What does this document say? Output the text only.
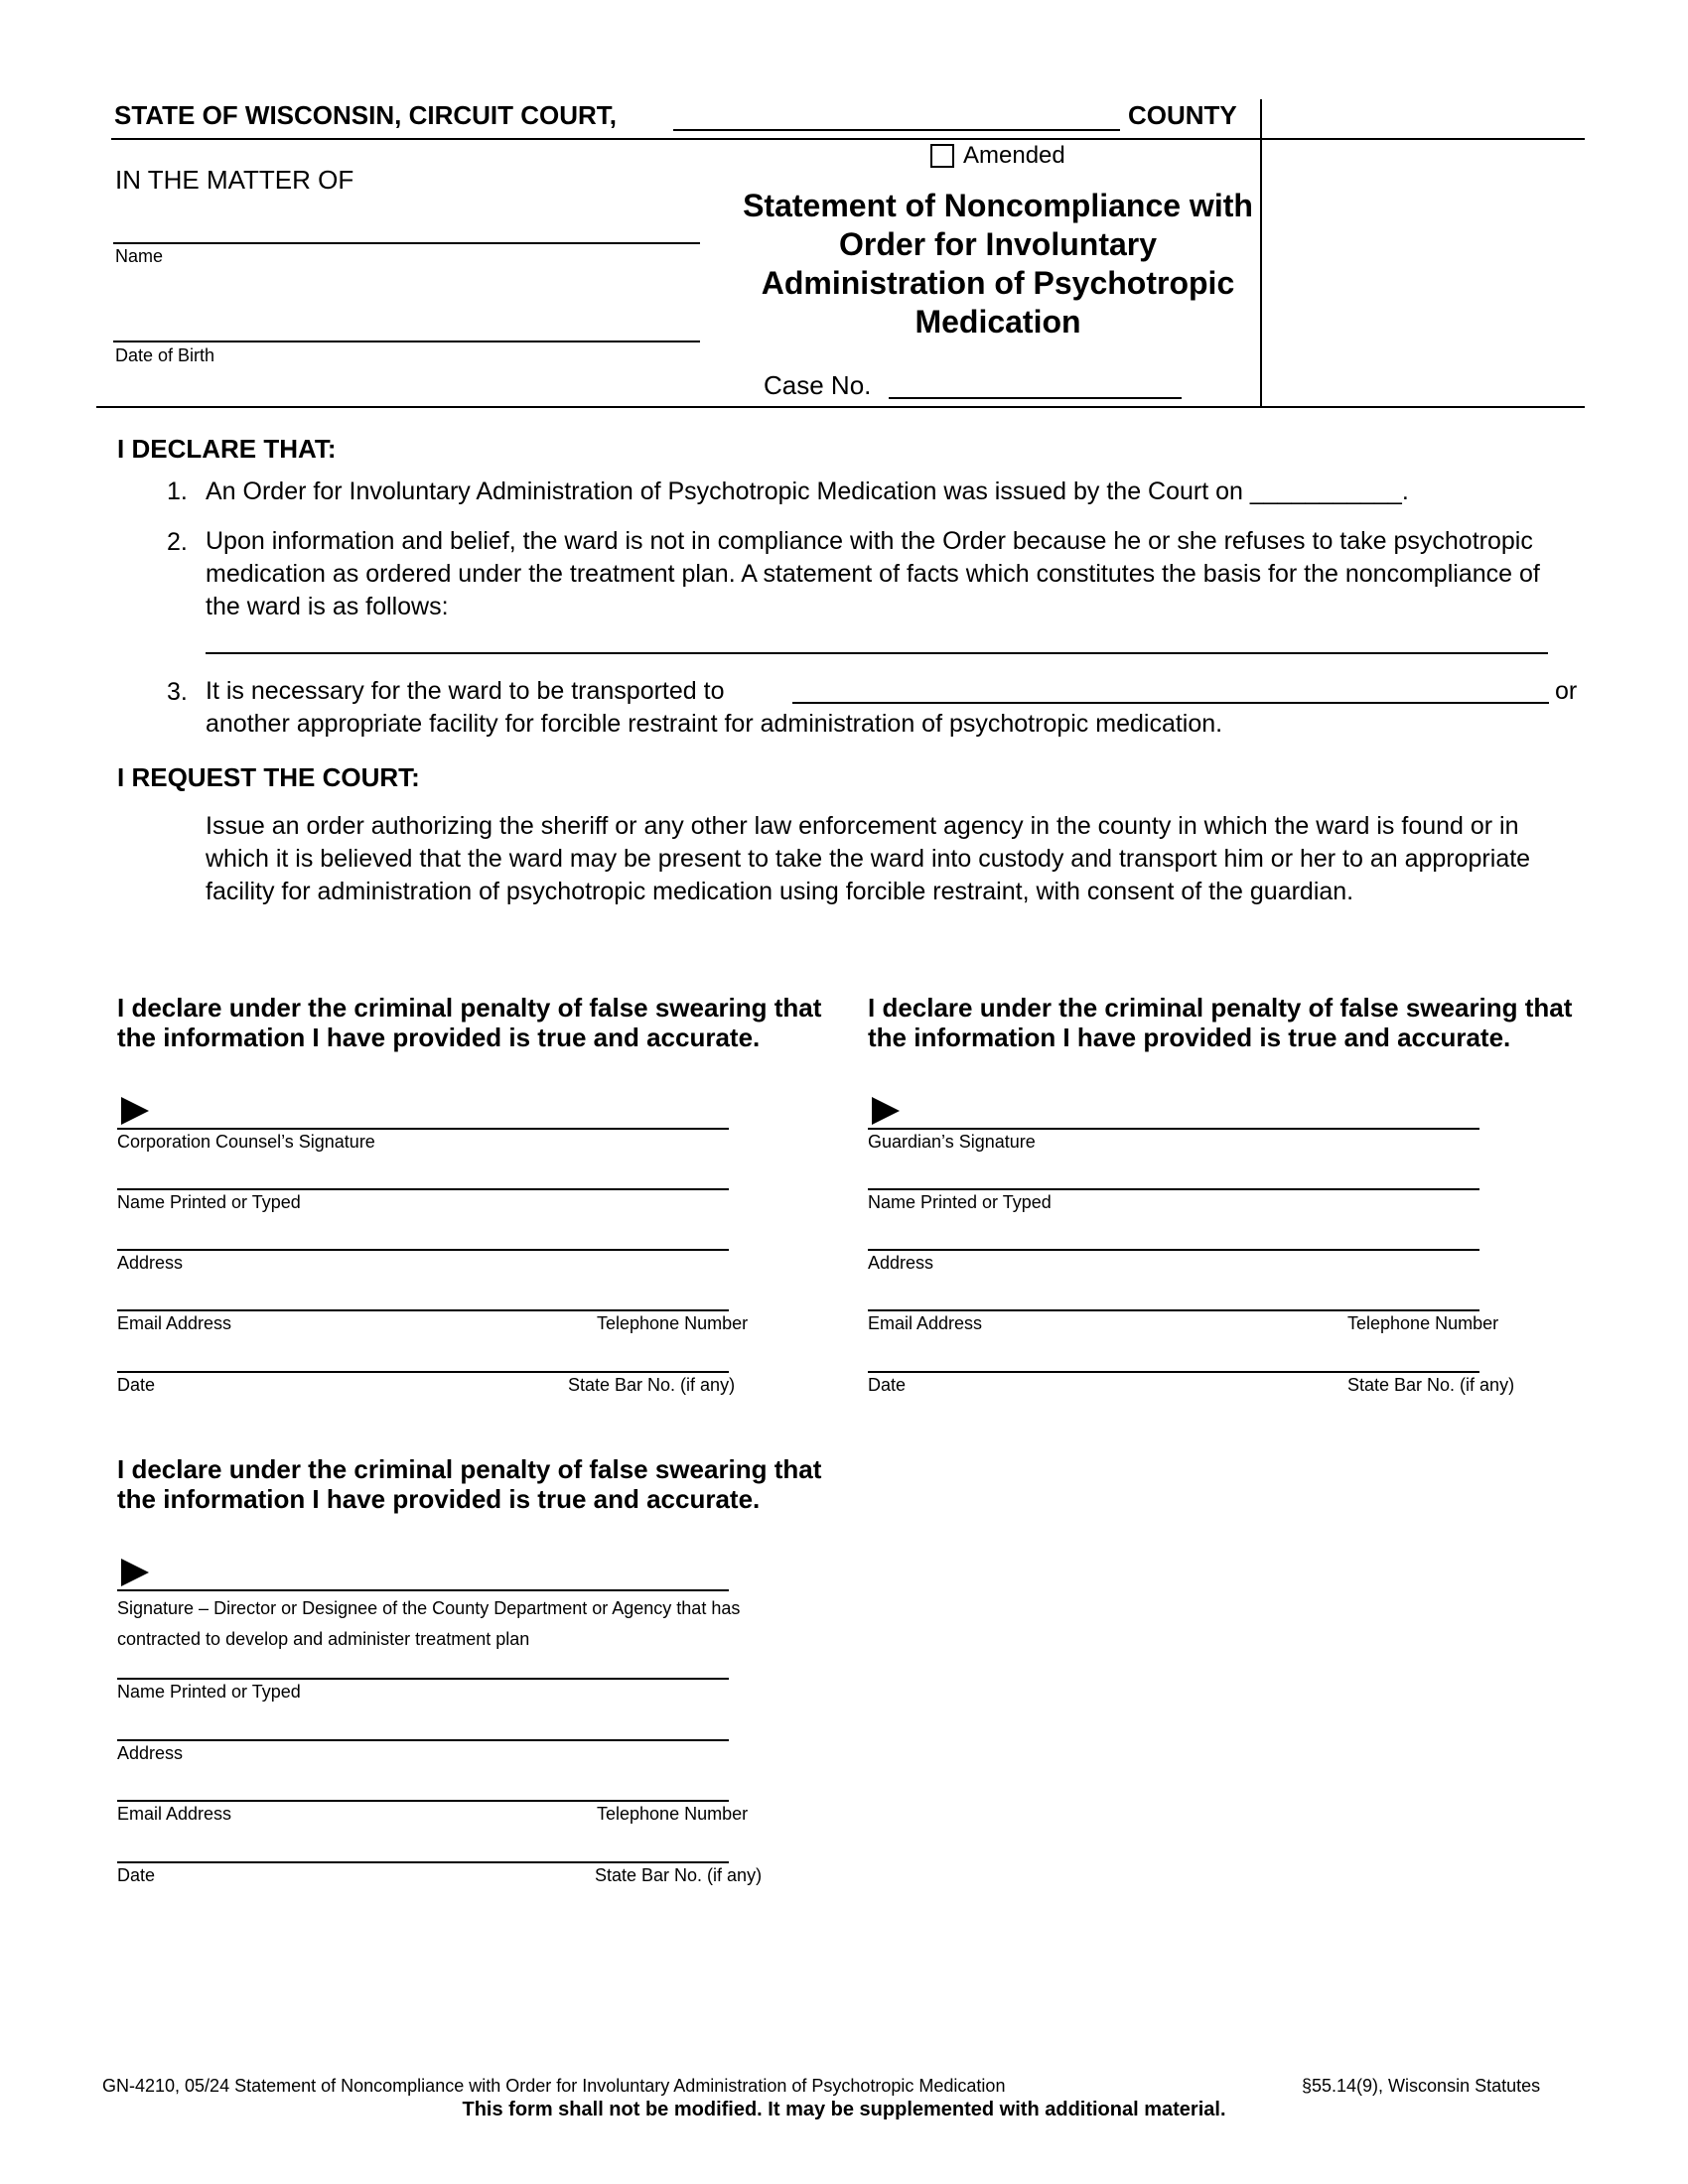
STATE OF WISCONSIN, CIRCUIT COURT,	COUNTY
Amended
IN THE MATTER OF
Name
Date of Birth
Statement of Noncompliance with Order for Involuntary Administration of Psychotropic Medication
Case No.
I DECLARE THAT:
1. An Order for Involuntary Administration of Psychotropic Medication was issued by the Court on ___________.
2. Upon information and belief, the ward is not in compliance with the Order because he or she refuses to take psychotropic medication as ordered under the treatment plan. A statement of facts which constitutes the basis for the noncompliance of the ward is as follows:
3. It is necessary for the ward to be transported to	or
another appropriate facility for forcible restraint for administration of psychotropic medication.
I REQUEST THE COURT:
Issue an order authorizing the sheriff or any other law enforcement agency in the county in which the ward is found or in which it is believed that the ward may be present to take the ward into custody and transport him or her to an appropriate facility for administration of psychotropic medication using forcible restraint, with consent of the guardian.
I declare under the criminal penalty of false swearing that the information I have provided is true and accurate.
Corporation Counsel’s Signature
Name Printed or Typed
Address
Email Address	Telephone Number
Date	State Bar No. (if any)
I declare under the criminal penalty of false swearing that the information I have provided is true and accurate.
Guardian’s Signature
Name Printed or Typed
Address
Email Address	Telephone Number
Date	State Bar No. (if any)
I declare under the criminal penalty of false swearing that the information I have provided is true and accurate.
Signature – Director or Designee of the County Department or Agency that has contracted to develop and administer treatment plan
Name Printed or Typed
Address
Email Address	Telephone Number
Date	State Bar No. (if any)
GN-4210, 05/24 Statement of Noncompliance with Order for Involuntary Administration of Psychotropic Medication	§55.14(9), Wisconsin Statutes
This form shall not be modified. It may be supplemented with additional material.
